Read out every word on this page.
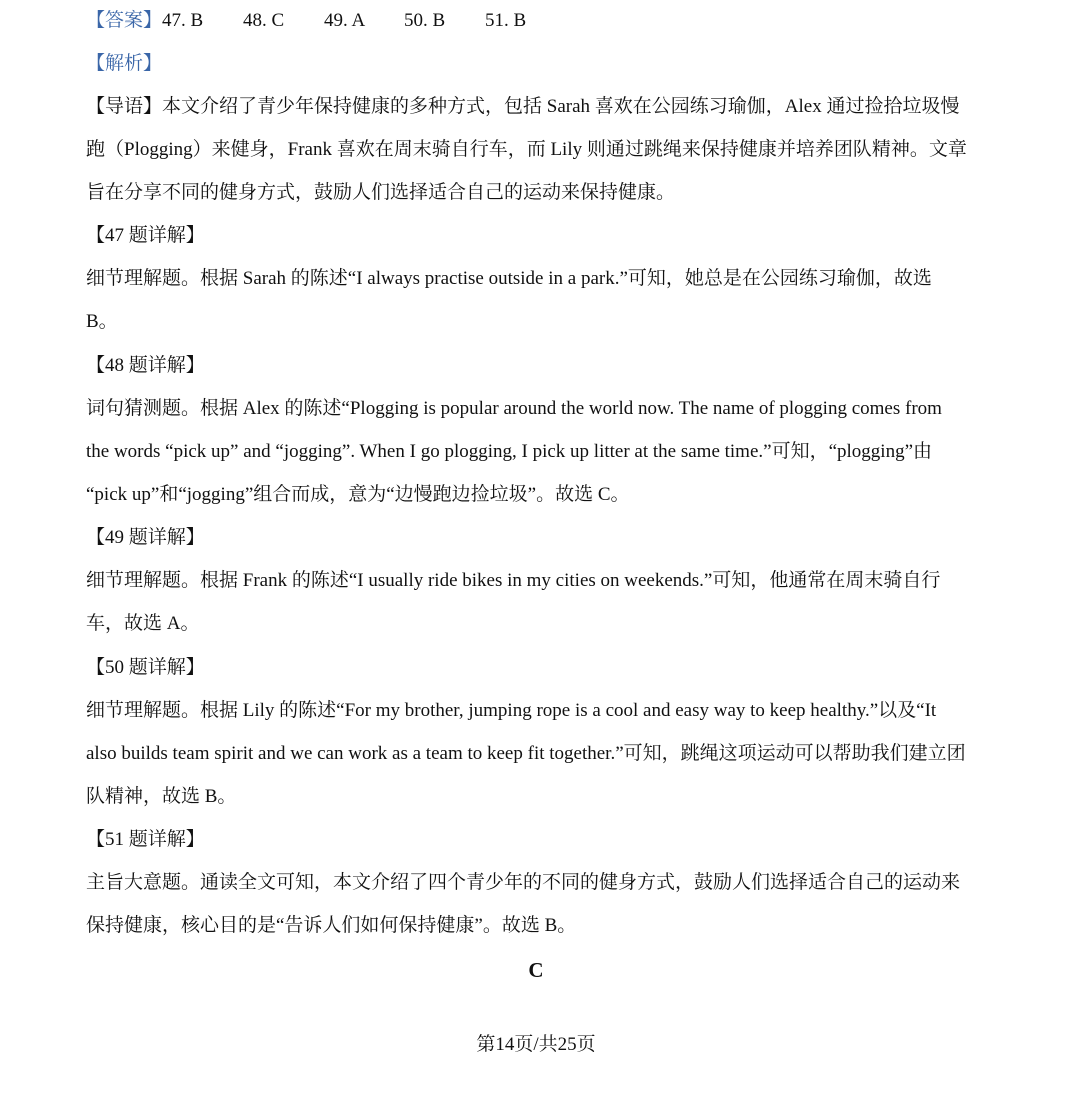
【答案】 47. B 48. C 49. A 50. B 51. B
【解析】
【导语】本文介绍了青少年保持健康的多种方式，包括 Sarah 喜欢在公园练习瑜伽，Alex 通过捡拾垃圾慢
跑（Plogging）来健身，Frank 喜欢在周末骑自行车，而 Lily 则通过跳绳来保持健康并培养团队精神。文章
旨在分享不同的健身方式，鼓励人们选择适合自己的运动来保持健康。
【47 题详解】
细节理解题。根据 Sarah 的陈述“I always practise outside in a park.”可知，她总是在公园练习瑜伽，故选
B。
【48 题详解】
词句猜测题。根据 Alex 的陈述“Plogging is popular around the world now. The name of plogging comes from
the words “pick up” and “jogging”. When I go plogging, I pick up litter at the same time.”可知，“plogging”由
“pick up”和“jogging”组合而成，意为“边慢跑边捡垃圾”。故选 C。
【49 题详解】
细节理解题。根据 Frank 的陈述“I usually ride bikes in my cities on weekends.”可知，他通常在周末骑自行
车，故选 A。
【50 题详解】
细节理解题。根据 Lily 的陈述“For my brother, jumping rope is a cool and easy way to keep healthy.”以及“It
also builds team spirit and we can work as a team to keep fit together.”可知，跳绳这项运动可以帮助我们建立团
队精神，故选 B。
【51 题详解】
主旨大意题。通读全文可知，本文介绍了四个青少年的不同的健身方式，鼓励人们选择适合自己的运动来
保持健康，核心目的是“告诉人们如何保持健康”。故选 B。
C
第14页/共25页
